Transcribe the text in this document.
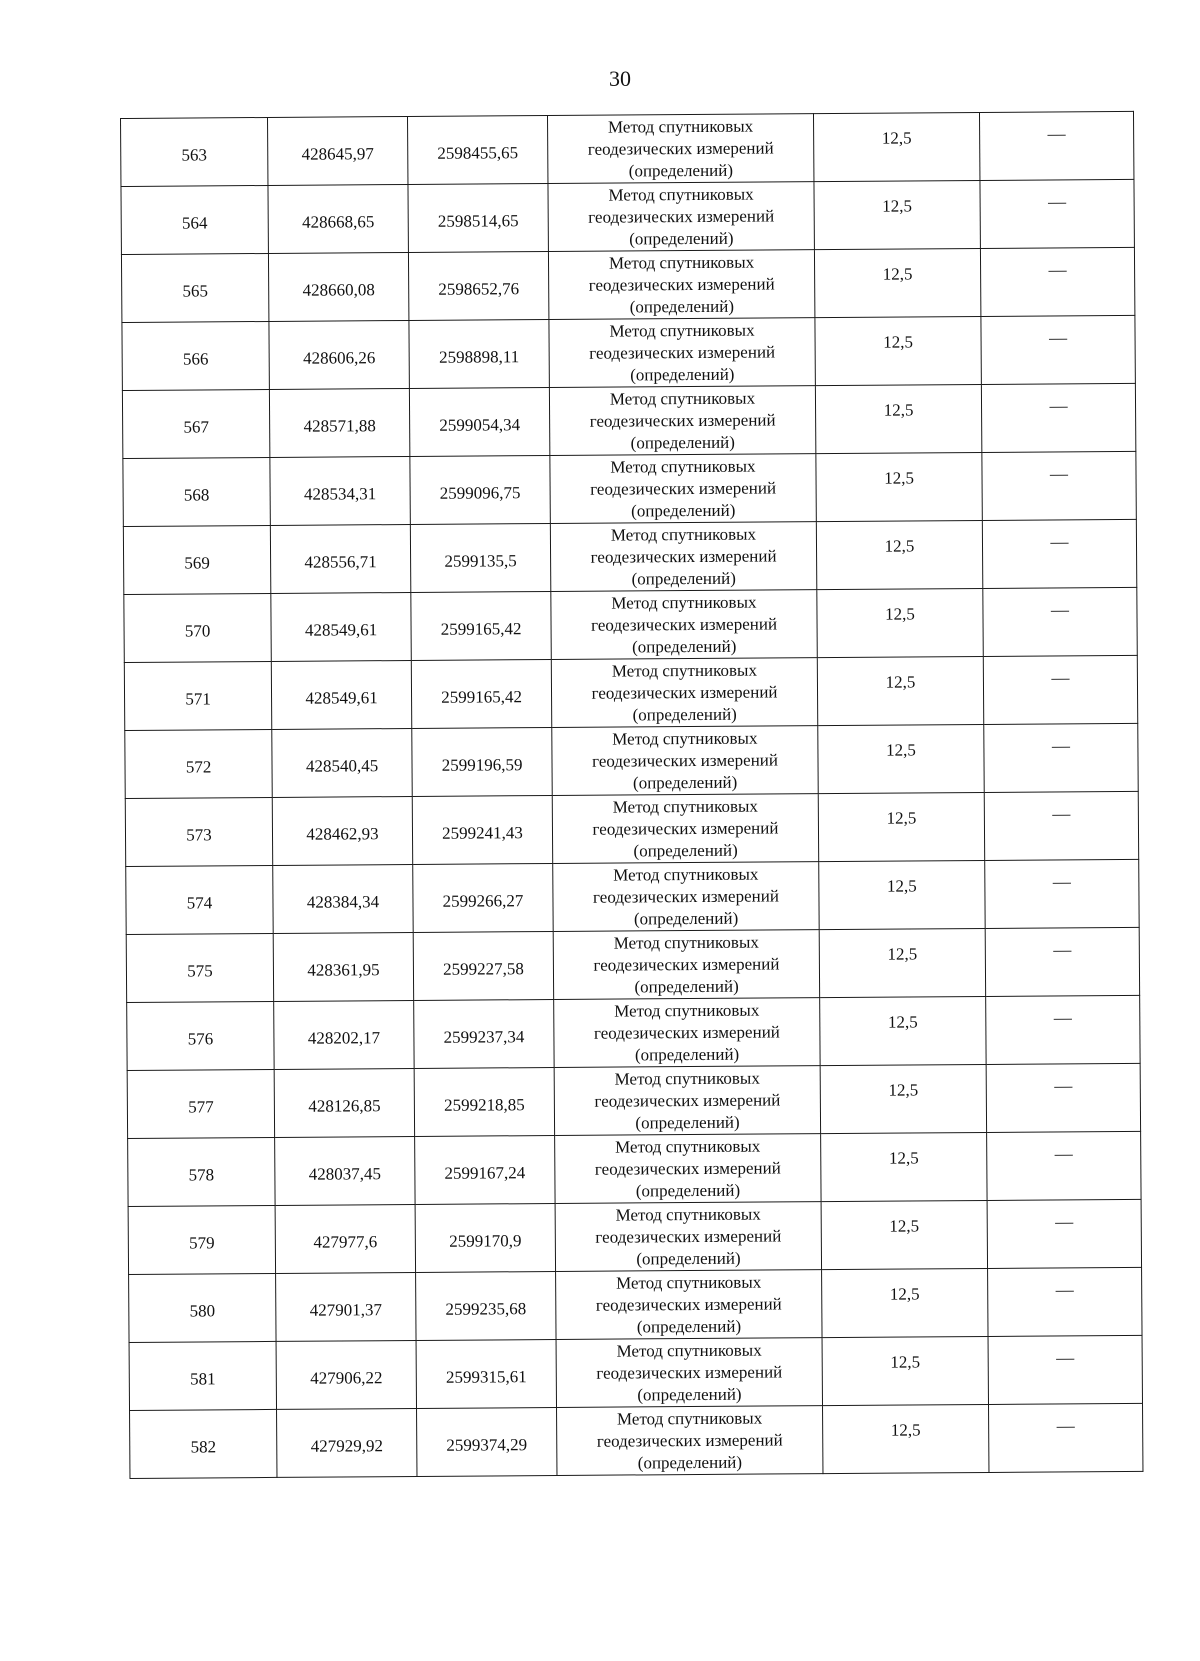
30
563	428645,97	2598455,65	Метод спутниковых
геодезических измерений
(определений)	12,5	—
564	428668,65	2598514,65	Метод спутниковых
геодезических измерений
(определений)	12,5	—
565	428660,08	2598652,76	Метод спутниковых
геодезических измерений
(определений)	12,5	—
566	428606,26	2598898,11	Метод спутниковых
геодезических измерений
(определений)	12,5	—
567	428571,88	2599054,34	Метод спутниковых
геодезических измерений
(определений)	12,5	—
568	428534,31	2599096,75	Метод спутниковых
геодезических измерений
(определений)	12,5	—
569	428556,71	2599135,5	Метод спутниковых
геодезических измерений
(определений)	12,5	—
570	428549,61	2599165,42	Метод спутниковых
геодезических измерений
(определений)	12,5	—
571	428549,61	2599165,42	Метод спутниковых
геодезических измерений
(определений)	12,5	—
572	428540,45	2599196,59	Метод спутниковых
геодезических измерений
(определений)	12,5	—
573	428462,93	2599241,43	Метод спутниковых
геодезических измерений
(определений)	12,5	—
574	428384,34	2599266,27	Метод спутниковых
геодезических измерений
(определений)	12,5	—
575	428361,95	2599227,58	Метод спутниковых
геодезических измерений
(определений)	12,5	—
576	428202,17	2599237,34	Метод спутниковых
геодезических измерений
(определений)	12,5	—
577	428126,85	2599218,85	Метод спутниковых
геодезических измерений
(определений)	12,5	—
578	428037,45	2599167,24	Метод спутниковых
геодезических измерений
(определений)	12,5	—
579	427977,6	2599170,9	Метод спутниковых
геодезических измерений
(определений)	12,5	—
580	427901,37	2599235,68	Метод спутниковых
геодезических измерений
(определений)	12,5	—
581	427906,22	2599315,61	Метод спутниковых
геодезических измерений
(определений)	12,5	—
582	427929,92	2599374,29	Метод спутниковых
геодезических измерений
(определений)	12,5	—
